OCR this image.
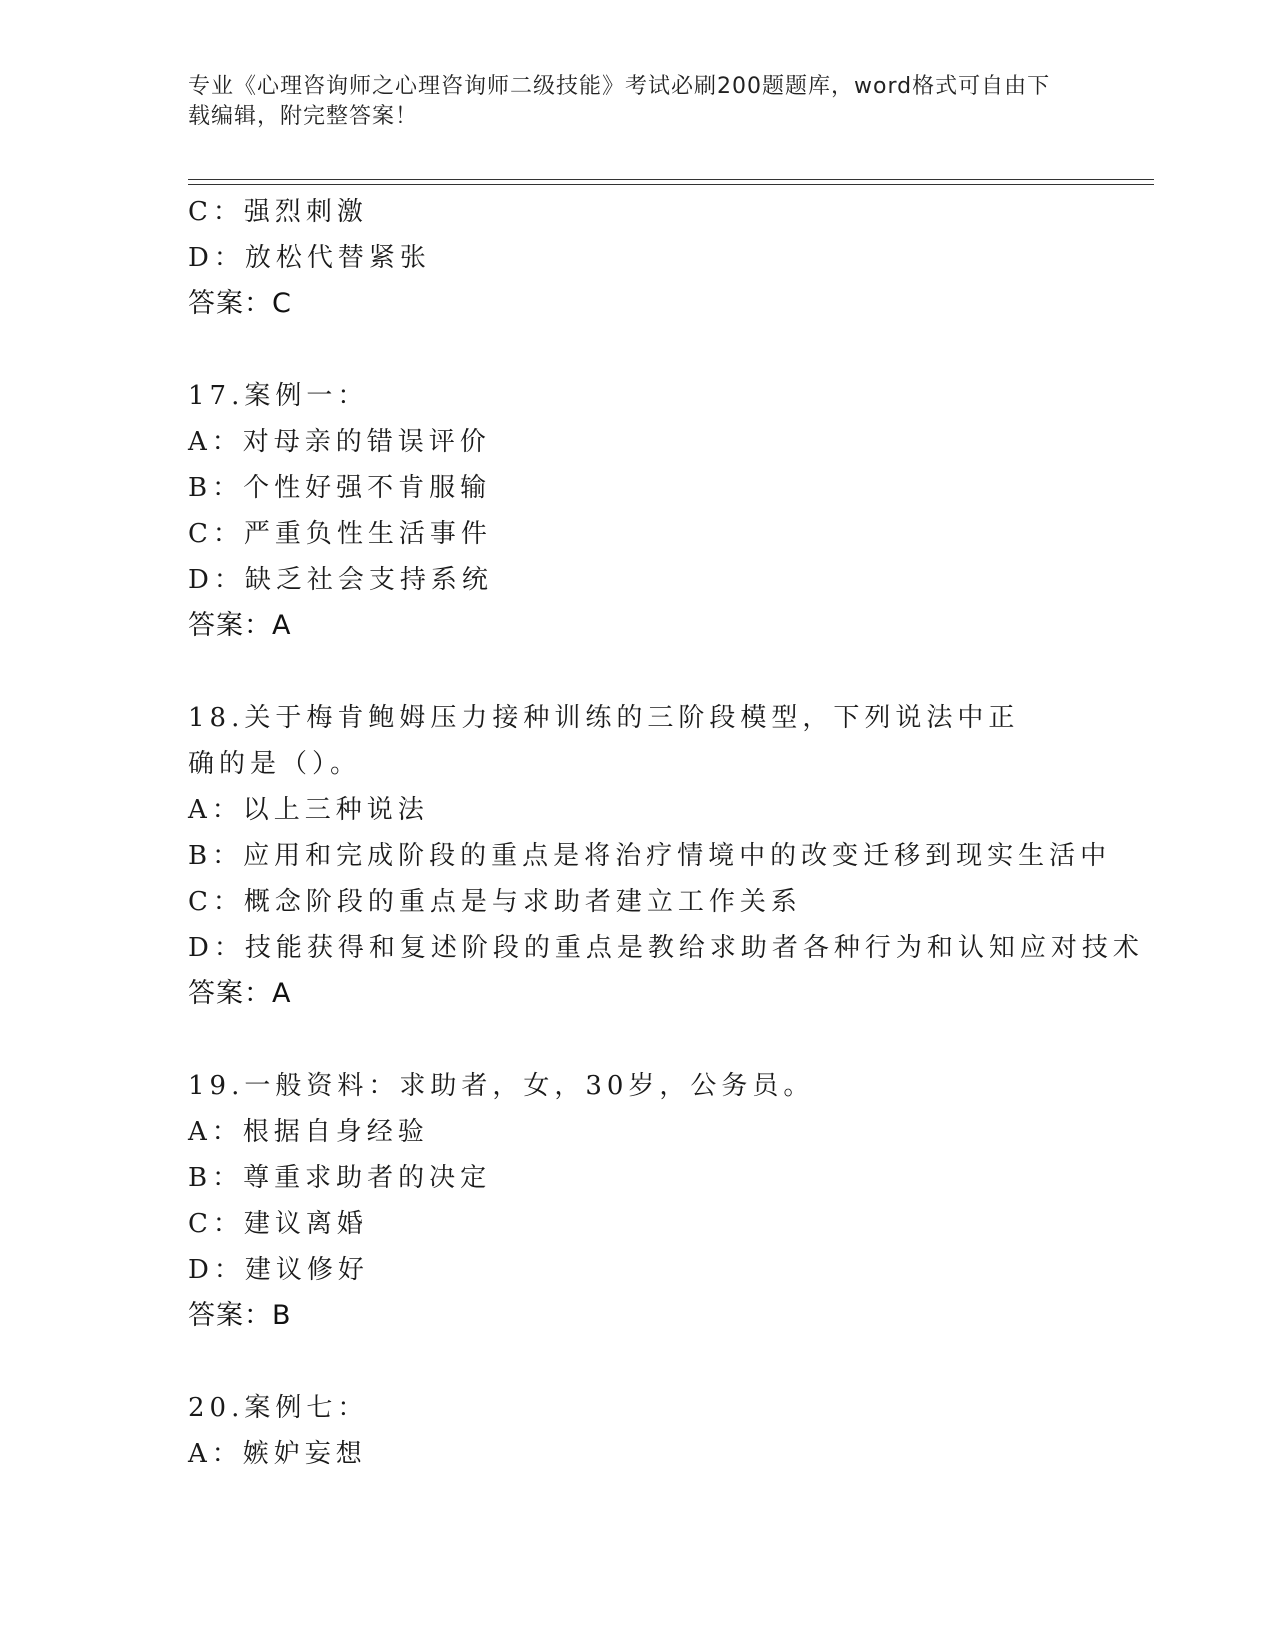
专业《心理咨询师之心理咨询师二级技能》考试必刷200题题库，word格式可自由下载编辑，附完整答案！
C：强烈刺激
D：放松代替紧张
答案：C
17.案例一：
A：对母亲的错误评价
B：个性好强不肯服输
C：严重负性生活事件
D：缺乏社会支持系统
答案：A
18.关于梅肯鲍姆压力接种训练的三阶段模型，下列说法中正确的是（）。
A：以上三种说法
B：应用和完成阶段的重点是将治疗情境中的改变迁移到现实生活中
C：概念阶段的重点是与求助者建立工作关系
D：技能获得和复述阶段的重点是教给求助者各种行为和认知应对技术
答案：A
19.一般资料：求助者，女，30岁，公务员。
A：根据自身经验
B：尊重求助者的决定
C：建议离婚
D：建议修好
答案：B
20.案例七：
A：嫉妒妄想
